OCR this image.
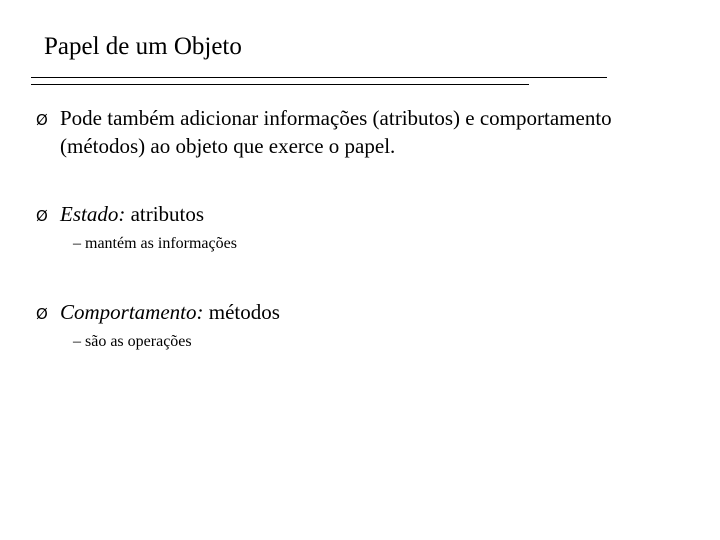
Papel de um Objeto
Ø Pode também adicionar informações (atributos) e comportamento (métodos) ao objeto que exerce o papel.
Ø Estado: atributos
– mantém as informações
Ø Comportamento: métodos
– são as operações
